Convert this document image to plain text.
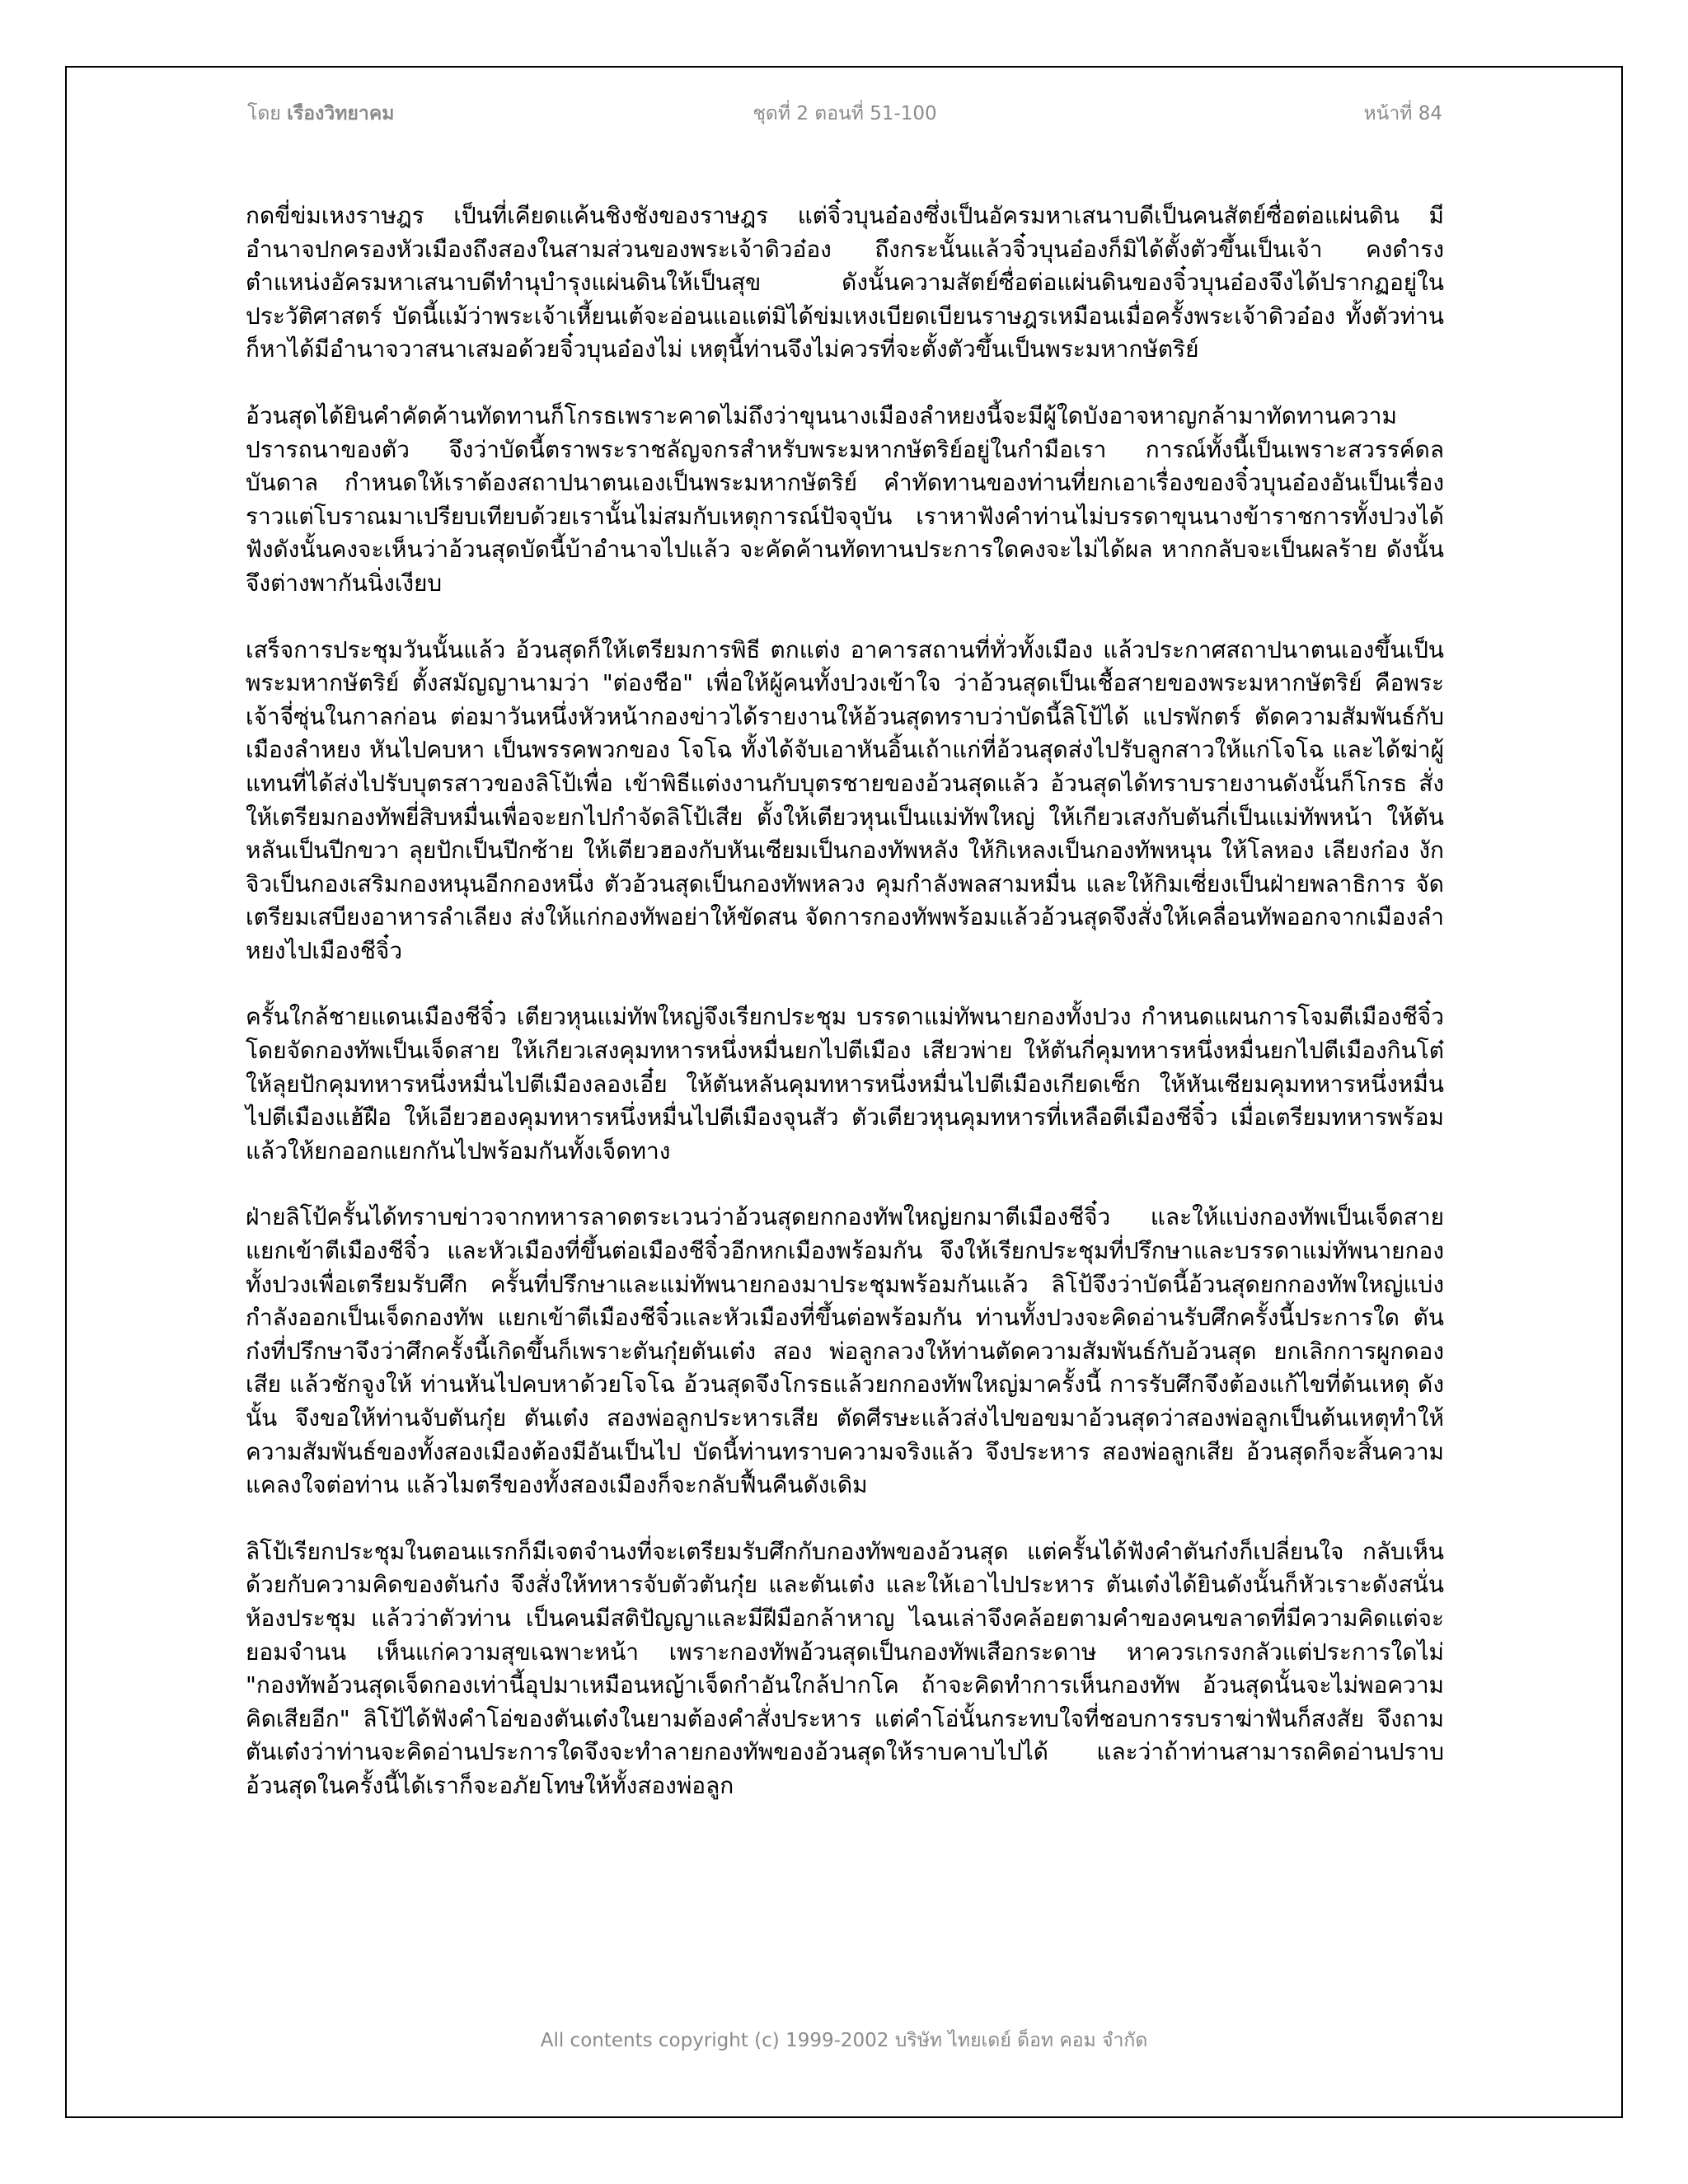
โดย เรืองวิทยาคม	ชุดที่ 2 ตอนที่ 51-100	หน้าที่ 84

กดขี่ข่มเหงราษฎร เป็นที่เคียดแค้นชิงชังของราษฎร แต่จิ๋วบุนอ๋องซึ่งเป็นอัครมหาเสนาบดีเป็นคนสัตย์ซื่อต่อแผ่นดิน มีอำนาจปกครองหัวเมืองถึงสองในสามส่วนของพระเจ้าดิวอ๋อง ถึงกระนั้นแล้วจิ๋วบุนอ๋องก็มิได้ตั้งตัวขึ้นเป็นเจ้า คงดำรงตำแหน่งอัครมหาเสนาบดีทำนุบำรุงแผ่นดินให้เป็นสุข ดังนั้นความสัตย์ซื่อต่อแผ่นดินของจิ๋วบุนอ๋องจึงได้ปรากฏอยู่ในประวัติศาสตร์ บัดนี้แม้ว่าพระเจ้าเหี้ยนเต้จะอ่อนแอแต่มิได้ข่มเหงเบียดเบียนราษฎรเหมือนเมื่อครั้งพระเจ้าดิวอ๋อง ทั้งตัวท่านก็หาได้มีอำนาจวาสนาเสมอด้วยจิ๋วบุนอ๋องไม่ เหตุนี้ท่านจึงไม่ควรที่จะตั้งตัวขึ้นเป็นพระมหากษัตริย์

อ้วนสุดได้ยินคำคัดค้านทัดทานก็โกรธเพราะคาดไม่ถึงว่าขุนนางเมืองลำหยงนี้จะมีผู้ใดบังอาจหาญกล้ามาทัดทานความปรารถนาของตัว จึงว่าบัดนี้ตราพระราชลัญจกรสำหรับพระมหากษัตริย์อยู่ในกำมือเรา การณ์ทั้งนี้เป็นเพราะสวรรค์ดลบันดาล กำหนดให้เราต้องสถาปนาตนเองเป็นพระมหากษัตริย์ คำทัดทานของท่านที่ยกเอาเรื่องของจิ๋วบุนอ๋องอันเป็นเรื่องราวแต่โบราณมาเปรียบเทียบด้วยเรานั้นไม่สมกับเหตุการณ์ปัจจุบัน เราหาฟังคำท่านไม่บรรดาขุนนางข้าราชการทั้งปวงได้ฟังดังนั้นคงจะเห็นว่าอ้วนสุดบัดนี้บ้าอำนาจไปแล้ว จะคัดค้านทัดทานประการใดคงจะไม่ได้ผล หากกลับจะเป็นผลร้าย ดังนั้นจึงต่างพากันนิ่งเงียบ

เสร็จการประชุมวันนั้นแล้ว อ้วนสุดก็ให้เตรียมการพิธี ตกแต่ง อาคารสถานที่ทั่วทั้งเมือง แล้วประกาศสถาปนาตนเองขึ้นเป็นพระมหากษัตริย์ ตั้งสมัญญานามว่า "ต่องชือ" เพื่อให้ผู้คนทั้งปวงเข้าใจ ว่าอ้วนสุดเป็นเชื้อสายของพระมหากษัตริย์ คือพระเจ้าจี่ซุ่นในกาลก่อน ต่อมาวันหนึ่งหัวหน้ากองข่าวได้รายงานให้อ้วนสุดทราบว่าบัดนี้ลิโป้ได้ แปรพักตร์ ตัดความสัมพันธ์กับเมืองลำหยง หันไปคบหา เป็นพรรคพวกของ โจโฉ ทั้งได้จับเอาหันอิ้นเถ้าแก่ที่อ้วนสุดส่งไปรับลูกสาวให้แก่โจโฉ และได้ฆ่าผู้แทนที่ได้ส่งไปรับบุตรสาวของลิโป้เพื่อ เข้าพิธีแต่งงานกับบุตรชายของอ้วนสุดแล้ว อ้วนสุดได้ทราบรายงานดังนั้นก็โกรธ สั่งให้เตรียมกองทัพยี่สิบหมื่นเพื่อจะยกไปกำจัดลิโป้เสีย ตั้งให้เตียวหุนเป็นแม่ทัพใหญ่ ให้เกียวเสงกับตันกี่เป็นแม่ทัพหน้า ให้ตันหลันเป็นปีกขวา ลุยปักเป็นปีกซ้าย ให้เตียวฮองกับหันเซียมเป็นกองทัพหลัง ให้กิเหลงเป็นกองทัพหนุน ให้โลหอง เลียงก๋อง งักจิวเป็นกองเสริมกองหนุนอีกกองหนึ่ง ตัวอ้วนสุดเป็นกองทัพหลวง คุมกำลังพลสามหมื่น และให้กิมเซี่ยงเป็นฝ่ายพลาธิการ จัดเตรียมเสบียงอาหารลำเลียง ส่งให้แก่กองทัพอย่าให้ขัดสน จัดการกองทัพพร้อมแล้วอ้วนสุดจึงสั่งให้เคลื่อนทัพออกจากเมืองลำหยงไปเมืองชีจิ๋ว

ครั้นใกล้ชายแดนเมืองชีจิ๋ว เตียวหุนแม่ทัพใหญ่จึงเรียกประชุม บรรดาแม่ทัพนายกองทั้งปวง กำหนดแผนการโจมตีเมืองชีจิ๋ว โดยจัดกองทัพเป็นเจ็ดสาย ให้เกียวเสงคุมทหารหนึ่งหมื่นยกไปตีเมือง เสียวพ่าย ให้ตันกี่คุมทหารหนึ่งหมื่นยกไปตีเมืองกินโต๋ ให้ลุยปักคุมทหารหนึ่งหมื่นไปตีเมืองลองเอี๋ย ให้ตันหลันคุมทหารหนึ่งหมื่นไปตีเมืองเกียดเซ็ก ให้หันเซียมคุมทหารหนึ่งหมื่นไปตีเมืองแฮ้ฝือ ให้เอียวฮองคุมทหารหนึ่งหมื่นไปตีเมืองจุนสัว ตัวเตียวหุนคุมทหารที่เหลือตีเมืองชีจิ๋ว เมื่อเตรียมทหารพร้อมแล้วให้ยกออกแยกกันไปพร้อมกันทั้งเจ็ดทาง

ฝ่ายลิโป้ครั้นได้ทราบข่าวจากทหารลาดตระเวนว่าอ้วนสุดยกกองทัพใหญ่ยกมาตีเมืองชีจิ๋ว และให้แบ่งกองทัพเป็นเจ็ดสาย แยกเข้าตีเมืองชีจิ๋ว และหัวเมืองที่ขึ้นต่อเมืองชีจิ๋วอีกหกเมืองพร้อมกัน จึงให้เรียกประชุมที่ปรึกษาและบรรดาแม่ทัพนายกองทั้งปวงเพื่อเตรียมรับศึก ครั้นที่ปรึกษาและแม่ทัพนายกองมาประชุมพร้อมกันแล้ว ลิโป้จึงว่าบัดนี้อ้วนสุดยกกองทัพใหญ่แบ่งกำลังออกเป็นเจ็ดกองทัพ แยกเข้าตีเมืองชีจิ๋วและหัวเมืองที่ขึ้นต่อพร้อมกัน ท่านทั้งปวงจะคิดอ่านรับศึกครั้งนี้ประการใด ตันก๋งที่ปรึกษาจึงว่าศึกครั้งนี้เกิดขึ้นก็เพราะตันกุ๋ยตันเต๋ง สอง พ่อลูกลวงให้ท่านตัดความสัมพันธ์กับอ้วนสุด ยกเลิกการผูกดองเสีย แล้วชักจูงให้ ท่านหันไปคบหาด้วยโจโฉ อ้วนสุดจึงโกรธแล้วยกกองทัพใหญ่มาครั้งนี้ การรับศึกจึงต้องแก้ไขที่ต้นเหตุ ดังนั้น จึงขอให้ท่านจับตันกุ๋ย ตันเต๋ง สองพ่อลูกประหารเสีย ตัดศีรษะแล้วส่งไปขอขมาอ้วนสุดว่าสองพ่อลูกเป็นต้นเหตุทำให้ความสัมพันธ์ของทั้งสองเมืองต้องมีอันเป็นไป บัดนี้ท่านทราบความจริงแล้ว จึงประหาร สองพ่อลูกเสีย อ้วนสุดก็จะสิ้นความแคลงใจต่อท่าน แล้วไมตรีของทั้งสองเมืองก็จะกลับฟื้นคืนดังเดิม

ลิโป้เรียกประชุมในตอนแรกก็มีเจตจำนงที่จะเตรียมรับศึกกับกองทัพของอ้วนสุด แต่ครั้นได้ฟังคำตันก๋งก็เปลี่ยนใจ กลับเห็นด้วยกับความคิดของตันก๋ง จึงสั่งให้ทหารจับตัวตันกุ๋ย และตันเต๋ง และให้เอาไปประหาร ตันเต๋งได้ยินดังนั้นก็หัวเราะดังสนั่นห้องประชุม แล้วว่าตัวท่าน เป็นคนมีสติปัญญาและมีฝีมือกล้าหาญ ไฉนเล่าจึงคล้อยตามคำของคนขลาดที่มีความคิดแต่จะยอมจำนน เห็นแก่ความสุขเฉพาะหน้า เพราะกองทัพอ้วนสุดเป็นกองทัพเสือกระดาษ หาควรเกรงกลัวแต่ประการใดไม่ "กองทัพอ้วนสุดเจ็ดกองเท่านี้อุปมาเหมือนหญ้าเจ็ดกำอันใกล้ปากโค ถ้าจะคิดทำการเห็นกองทัพ อ้วนสุดนั้นจะไม่พอความคิดเสียอีก" ลิโป้ได้ฟังคำโอ่ของตันเต๋งในยามต้องคำสั่งประหาร แต่คำโอ่นั้นกระทบใจที่ชอบการรบราฆ่าฟันก็สงสัย จึงถามตันเต๋งว่าท่านจะคิดอ่านประการใดจึงจะทำลายกองทัพของอ้วนสุดให้ราบคาบไปได้ และว่าถ้าท่านสามารถคิดอ่านปราบอ้วนสุดในครั้งนี้ได้เราก็จะอภัยโทษให้ทั้งสองพ่อลูก

All contents copyright (c) 1999-2002 บริษัท ไทยเดย์ ด็อท คอม จำกัด
